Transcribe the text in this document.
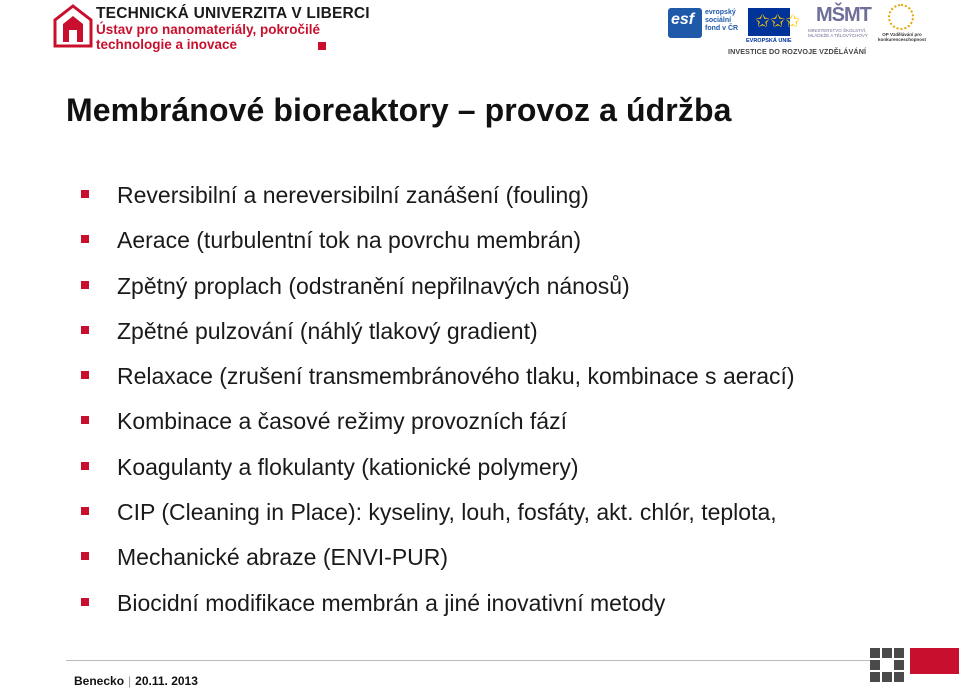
TECHNICKÁ UNIVERZITA V LIBERCI
Ústav pro nanomateriály, pokročilé
technologie a inovace
esf evropský sociální fond v ČR ✩✩✩
EVROPSKÁ UNIE
MŠMT
MINISTERSTVO ŠKOLSTVÍ, MLÁDEŽE A TĚLOVÝCHOVY	OP Vzdělávání pro konkurenceschopnost
INVESTICE DO ROZVOJE VZDĚLÁVÁNÍ
Membránové bioreaktory – provoz a údržba
Reversibilní a nereversibilní zanášení (fouling)
Aerace (turbulentní tok na povrchu membrán)
Zpětný proplach (odstranění nepřilnavých nánosů)
Zpětné pulzování (náhlý tlakový gradient)
Relaxace (zrušení transmembránového tlaku, kombinace s aerací)
Kombinace a časové režimy provozních fází
Koagulanty a flokulanty (kationické polymery)
CIP (Cleaning in Place): kyseliny, louh, fosfáty, akt. chlór, teplota,
Mechanické abraze (ENVI-PUR)
Biocidní modifikace membrán a jiné inovativní metody
Benecko | 20.11. 2013
